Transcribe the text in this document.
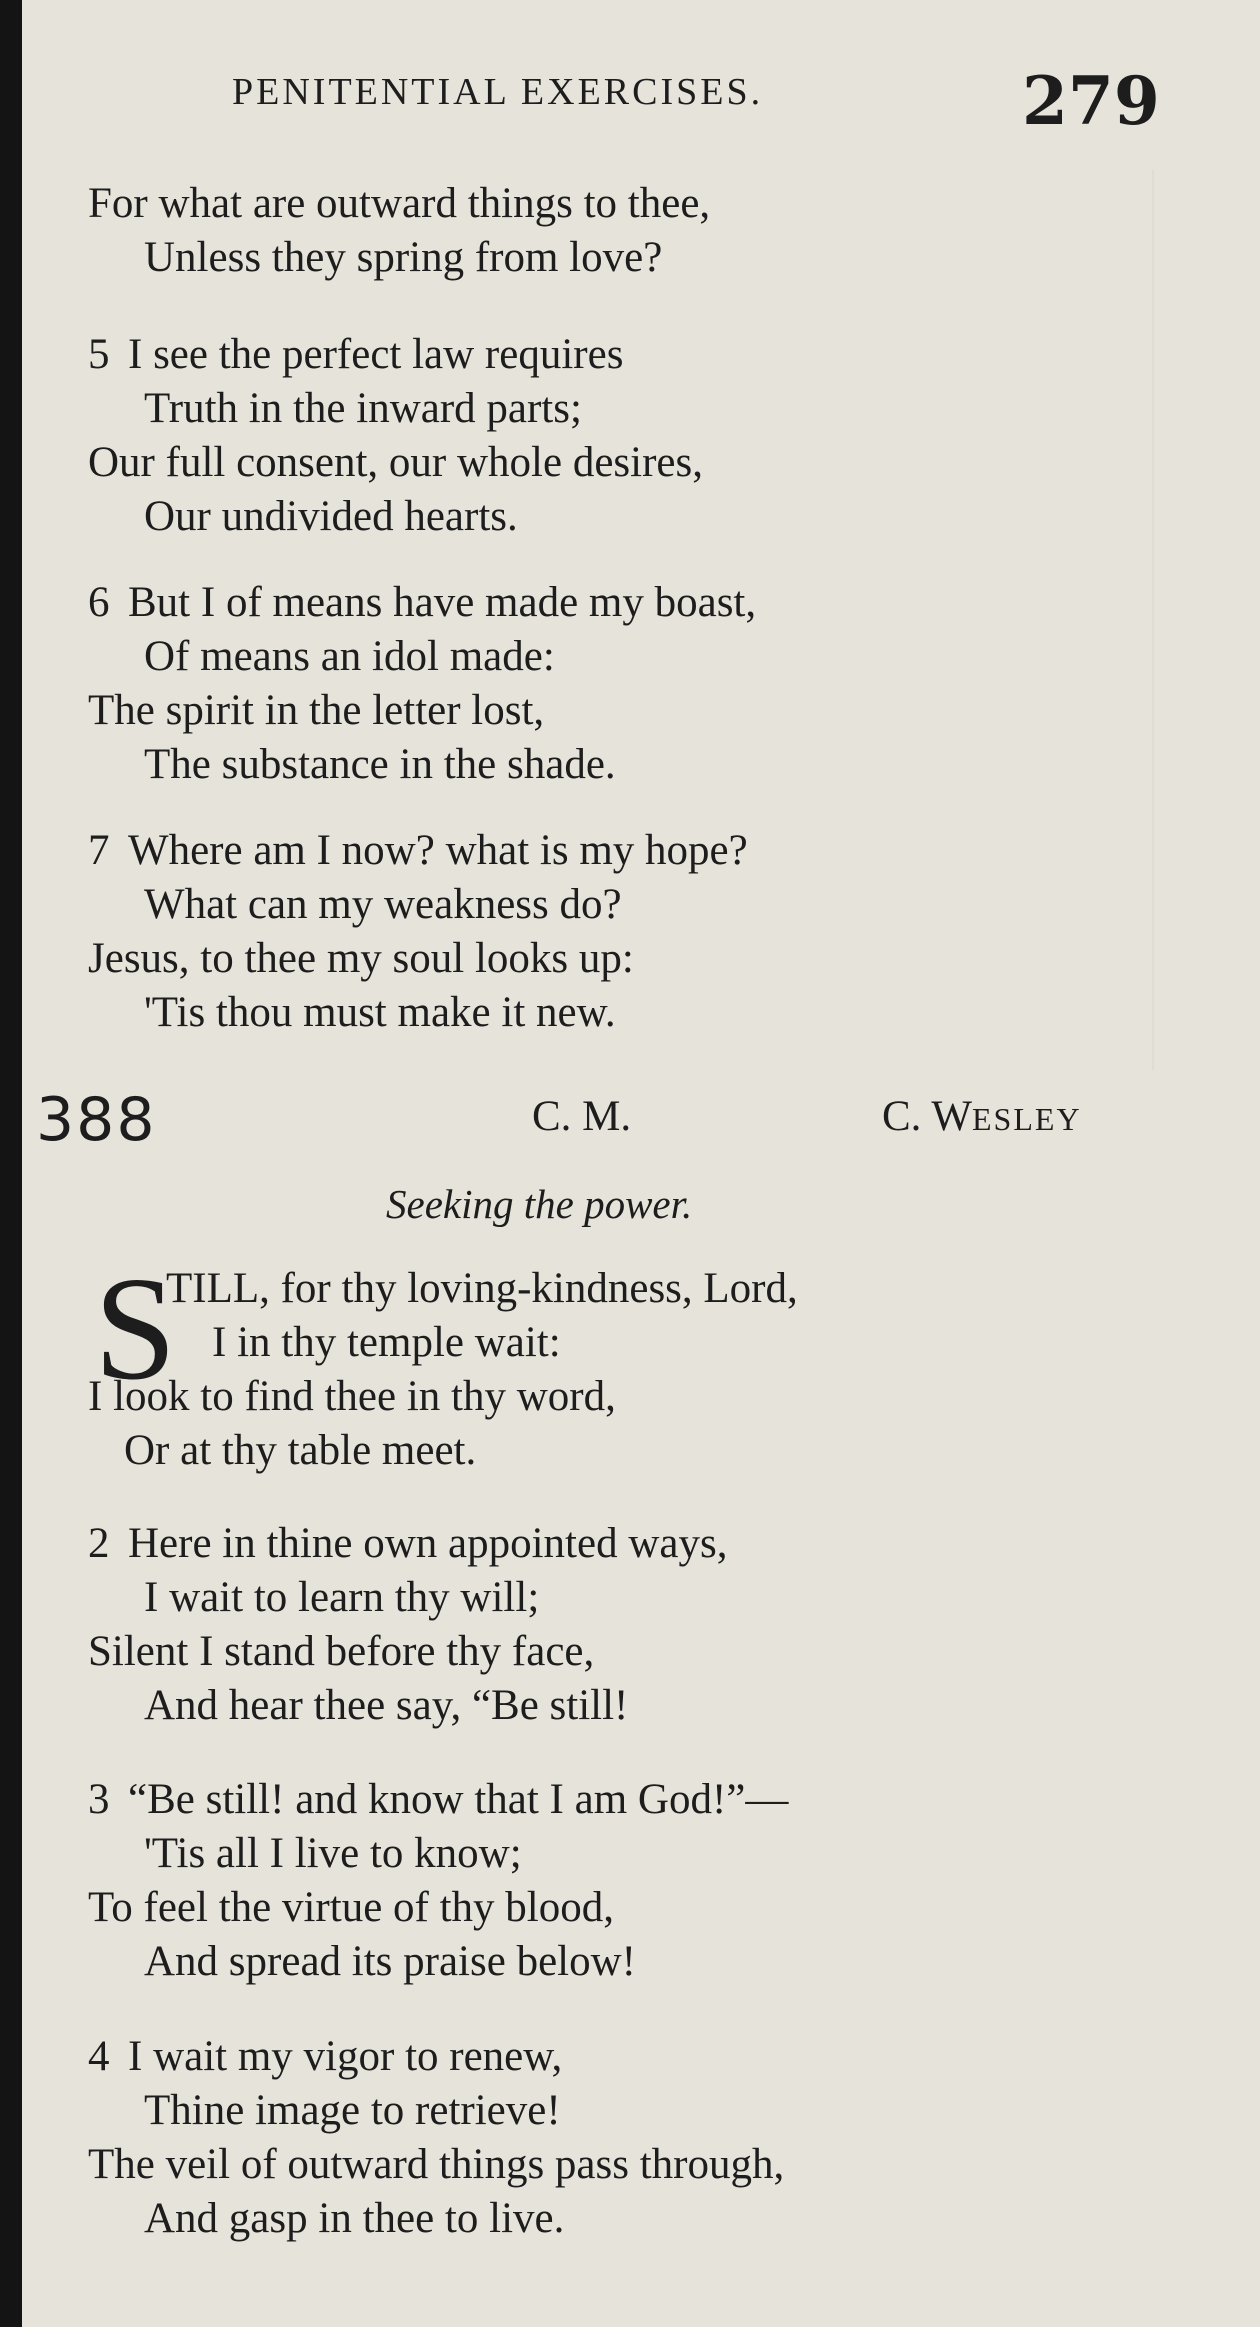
PENITENTIAL EXERCISES.	279
For what are outward things to thee,
Unless they spring from love?
5 I see the perfect law requires
Truth in the inward parts;
Our full consent, our whole desires,
Our undivided hearts.
6 But I of means have made my boast,
Of means an idol made:
The spirit in the letter lost,
The substance in the shade.
7 Where am I now? what is my hope?
What can my weakness do?
Jesus, to thee my soul looks up:
'Tis thou must make it new.
388	C. M.	C. WESLEY
Seeking the power.
S
TILL, for thy loving-kindness, Lord,
I in thy temple wait:
I look to find thee in thy word,
Or at thy table meet.
2 Here in thine own appointed ways,
I wait to learn thy will;
Silent I stand before thy face,
And hear thee say, “Be still!
3 “Be still! and know that I am God!”—
'Tis all I live to know;
To feel the virtue of thy blood,
And spread its praise below!
4 I wait my vigor to renew,
Thine image to retrieve!
The veil of outward things pass through,
And gasp in thee to live.
